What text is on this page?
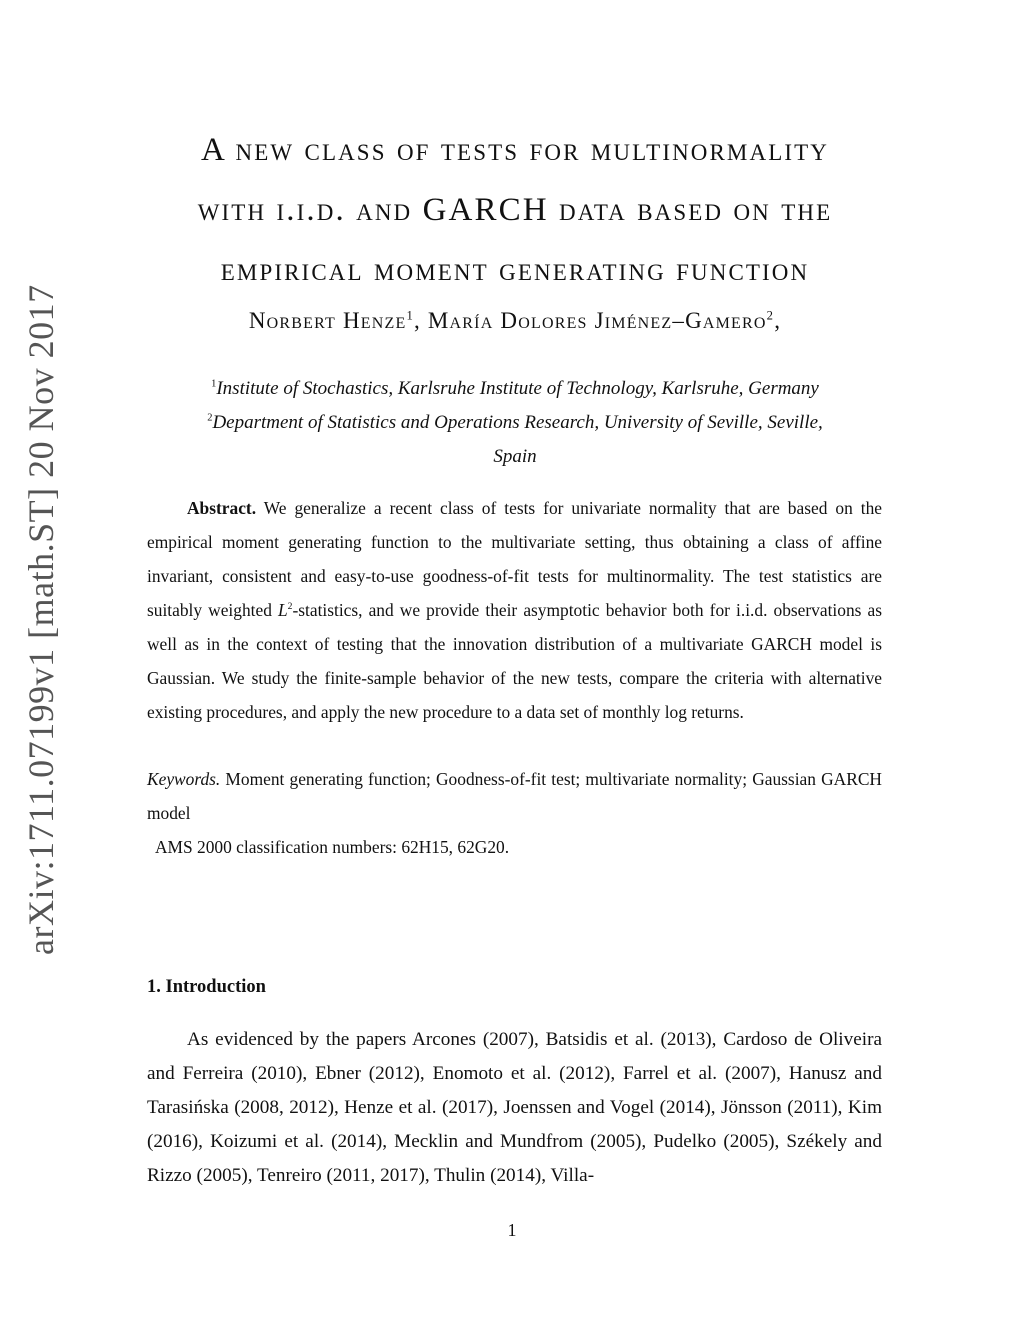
arXiv:1711.07199v1 [math.ST] 20 Nov 2017
A new class of tests for multinormality
with i.i.d. and GARCH data based on the
empirical moment generating function
Norbert Henze$^1$, María Dolores Jiménez–Gamero$^2$,
$^1$Institute of Stochastics, Karlsruhe Institute of Technology, Karlsruhe, Germany
$^2$Department of Statistics and Operations Research, University of Seville, Seville,
Spain
Abstract. We generalize a recent class of tests for univariate normality that are based on the empirical moment generating function to the multivariate setting, thus obtaining a class of affine invariant, consistent and easy-to-use goodness-of-fit tests for multinormality. The test statistics are suitably weighted $L^2$-statistics, and we provide their asymptotic behavior both for i.i.d. observations as well as in the context of testing that the innovation distribution of a multivariate GARCH model is Gaussian. We study the finite-sample behavior of the new tests, compare the criteria with alternative existing procedures, and apply the new procedure to a data set of monthly log returns.
Keywords. Moment generating function; Goodness-of-fit test; multivariate normality; Gaussian GARCH model
AMS 2000 classification numbers: 62H15, 62G20.
1. Introduction
As evidenced by the papers Arcones (2007), Batsidis et al. (2013), Cardoso de Oliveira and Ferreira (2010), Ebner (2012), Enomoto et al. (2012), Farrel et al. (2007), Hanusz and Tarasińska (2008, 2012), Henze et al. (2017), Joenssen and Vogel (2014), Jönsson (2011), Kim (2016), Koizumi et al. (2014), Mecklin and Mundfrom (2005), Pudelko (2005), Székely and Rizzo (2005), Tenreiro (2011, 2017), Thulin (2014), Villa-
1
